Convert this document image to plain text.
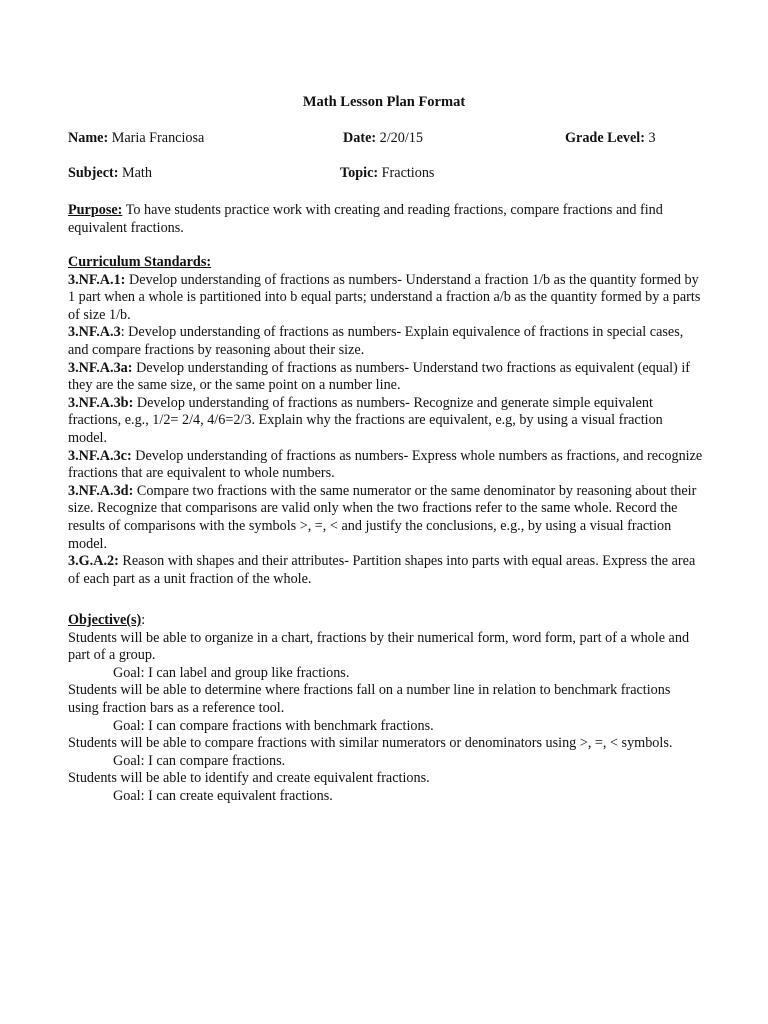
Math Lesson Plan Format
Name: Maria Franciosa	Date: 2/20/15	Grade Level: 3
Subject: Math	Topic: Fractions
Purpose: To have students practice work with creating and reading fractions, compare fractions and find equivalent fractions.
Curriculum Standards:

3.NF.A.1: Develop understanding of fractions as numbers- Understand a fraction 1/b as the quantity formed by 1 part when a whole is partitioned into b equal parts; understand a fraction a/b as the quantity formed by a parts of size 1/b.

3.NF.A.3: Develop understanding of fractions as numbers- Explain equivalence of fractions in special cases, and compare fractions by reasoning about their size.

3.NF.A.3a: Develop understanding of fractions as numbers- Understand two fractions as equivalent (equal) if they are the same size, or the same point on a number line.

3.NF.A.3b: Develop understanding of fractions as numbers- Recognize and generate simple equivalent fractions, e.g., 1/2= 2/4, 4/6=2/3. Explain why the fractions are equivalent, e.g, by using a visual fraction model.

3.NF.A.3c: Develop understanding of fractions as numbers- Express whole numbers as fractions, and recognize fractions that are equivalent to whole numbers.

3.NF.A.3d: Compare two fractions with the same numerator or the same denominator by reasoning about their size. Recognize that comparisons are valid only when the two fractions refer to the same whole. Record the results of comparisons with the symbols >, =, < and justify the conclusions, e.g., by using a visual fraction model.

3.G.A.2: Reason with shapes and their attributes- Partition shapes into parts with equal areas. Express the area of each part as a unit fraction of the whole.

Objective(s):

Students will be able to organize in a chart, fractions by their numerical form, word form, part of a whole and part of a group.

Goal: I can label and group like fractions.

Students will be able to determine where fractions fall on a number line in relation to benchmark fractions using fraction bars as a reference tool.

Goal: I can compare fractions with benchmark fractions.

Students will be able to compare fractions with similar numerators or denominators using >, =, < symbols.

Goal: I can compare fractions.

Students will be able to identify and create equivalent fractions.

Goal: I can create equivalent fractions.
